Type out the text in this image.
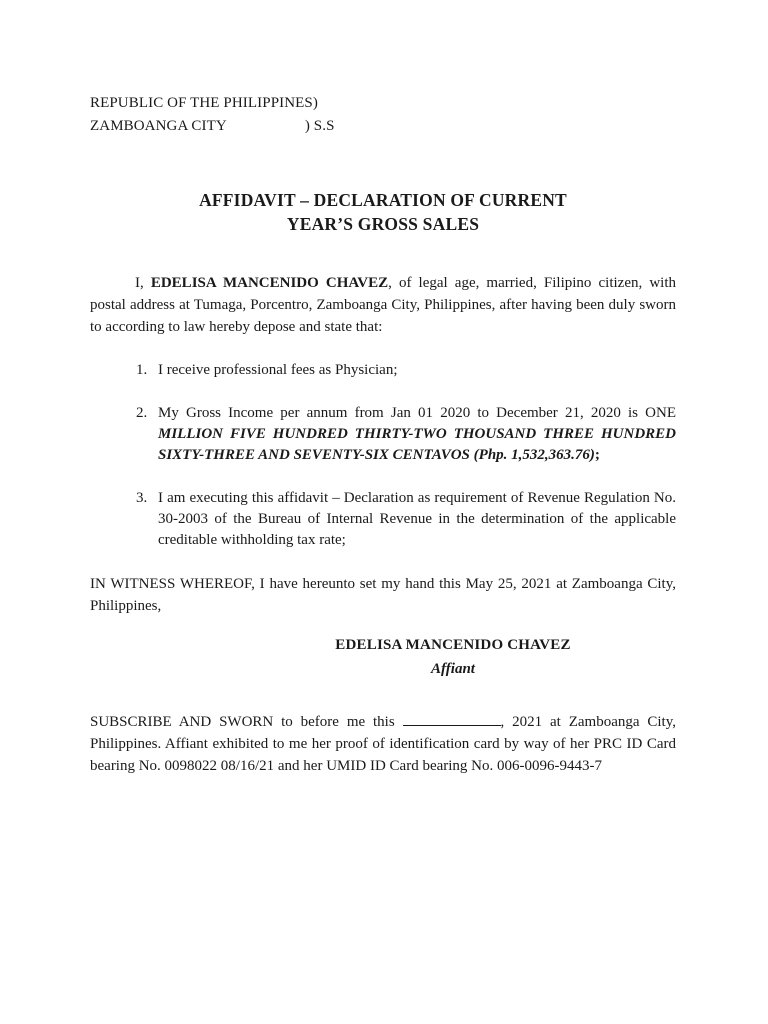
REPUBLIC OF THE PHILIPPINES)
ZAMBOANGA CITY	) S.S
AFFIDAVIT – DECLARATION OF CURRENT
YEAR’S GROSS SALES

I, EDELISA MANCENIDO CHAVEZ, of legal age, married, Filipino citizen, with postal address at Tumaga, Porcentro, Zamboanga City, Philippines, after having been duly sworn to according to law hereby depose and state that:

1. I receive professional fees as Physician;
2. My Gross Income per annum from Jan 01 2020 to December 21, 2020 is ONE MILLION FIVE HUNDRED THIRTY-TWO THOUSAND THREE HUNDRED SIXTY-THREE AND SEVENTY-SIX CENTAVOS (Php. 1,532,363.76);
3. I am executing this affidavit – Declaration as requirement of Revenue Regulation No. 30-2003 of the Bureau of Internal Revenue in the determination of the applicable creditable withholding tax rate;

IN WITNESS WHEREOF, I have hereunto set my hand this May 25, 2021 at Zamboanga City, Philippines,

EDELISA MANCENIDO CHAVEZ
Affiant

SUBSCRIBE AND SWORN to before me this	, 2021 at Zamboanga City, Philippines. Affiant exhibited to me her proof of identification card by way of her PRC ID Card bearing No. 0098022 08/16/21 and her UMID ID Card bearing No. 006-0096-9443-7
